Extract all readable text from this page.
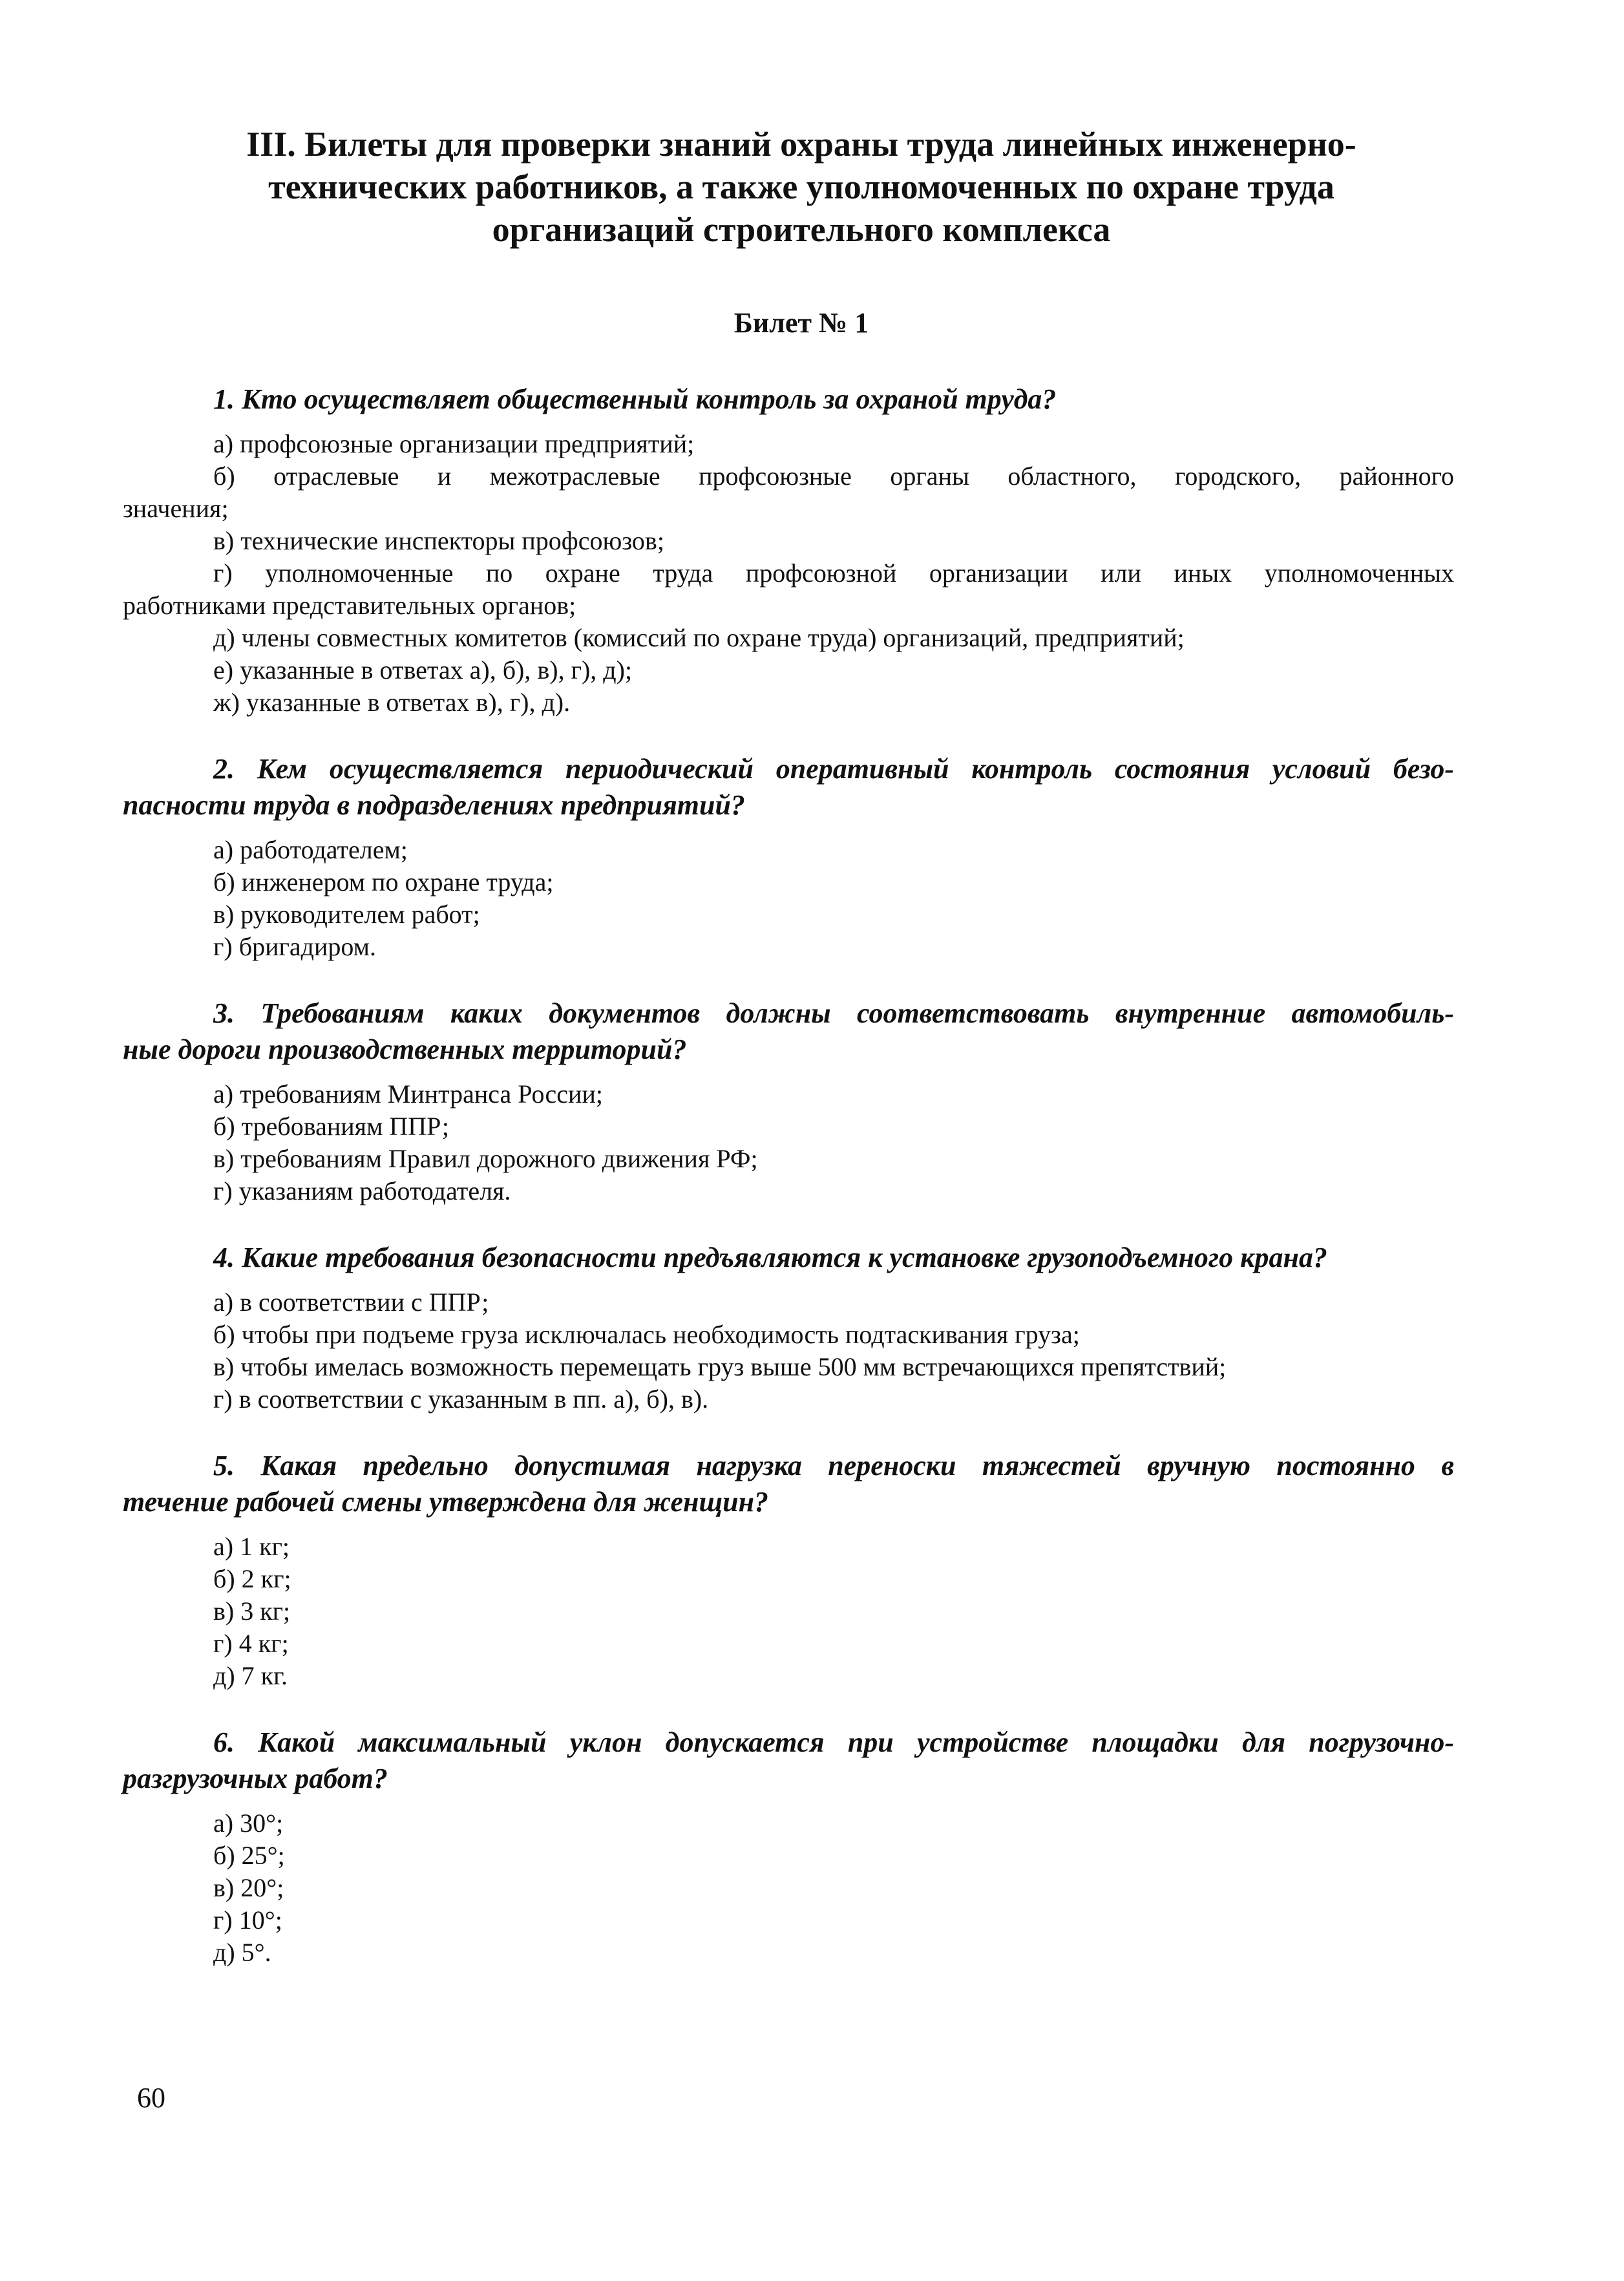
III. Билеты для проверки знаний охраны труда линейных инженерно-
технических работников, а также уполномоченных по охране труда
организаций строительного комплекса
Билет № 1

1. Кто осуществляет общественный контроль за охраной труда?

а) профсоюзные организации предприятий;
б) отраслевые и межотраслевые профсоюзные органы областного, городского, районного
значения;
в) технические инспекторы профсоюзов;
г) уполномоченные по охране труда профсоюзной организации или иных уполномоченных
работниками представительных органов;
д) члены совместных комитетов (комиссий по охране труда) организаций, предприятий;
е) указанные в ответах а), б), в), г), д);
ж) указанные в ответах в), г), д).

2. Кем осуществляется периодический оперативный контроль состояния условий безо-
пасности труда в подразделениях предприятий?

а) работодателем;
б) инженером по охране труда;
в) руководителем работ;
г) бригадиром.

3. Требованиям каких документов должны соответствовать внутренние автомобиль-
ные дороги производственных территорий?

а) требованиям Минтранса России;
б) требованиям ППР;
в) требованиям Правил дорожного движения РФ;
г) указаниям работодателя.

4. Какие требования безопасности предъявляются к установке грузоподъемного крана?

а) в соответствии с ППР;
б) чтобы при подъеме груза исключалась необходимость подтаскивания груза;
в) чтобы имелась возможность перемещать груз выше 500 мм встречающихся препятствий;
г) в соответствии с указанным в пп. а), б), в).

5. Какая предельно допустимая нагрузка переноски тяжестей вручную постоянно в
течение рабочей смены утверждена для женщин?

а) 1 кг;
б) 2 кг;
в) 3 кг;
г) 4 кг;
д) 7 кг.

6. Какой максимальный уклон допускается при устройстве площадки для погрузочно-
разгрузочных работ?

а) 30°;
б) 25°;
в) 20°;
г) 10°;
д) 5°.
60
